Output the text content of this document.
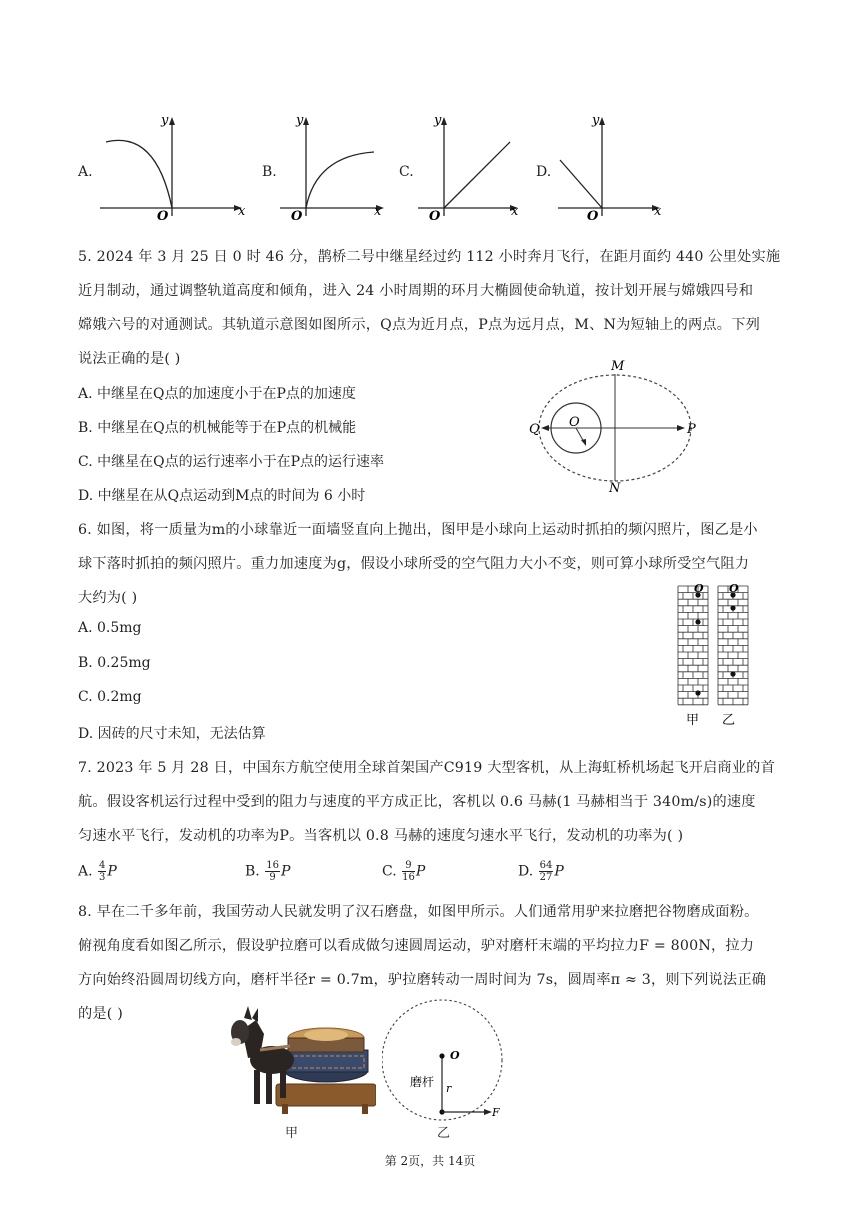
A.	B.	C.	D.
y
x
O
y
x
O
y
x
O
y
x
O
5. 2024 年 3 月 25 日 0 时 46 分，鹊桥二号中继星经过约 112 小时奔月飞行，在距月面约 440 公里处实施
近月制动，通过调整轨道高度和倾角，进入 24 小时周期的环月大椭圆使命轨道，按计划开展与嫦娥四号和
嫦娥六号的对通测试。其轨道示意图如图所示，Q点为近月点，P点为远月点，M、N为短轴上的两点。下列
说法正确的是( )
A. 中继星在Q点的加速度小于在P点的加速度
B. 中继星在Q点的机械能等于在P点的机械能
C. 中继星在Q点的运行速率小于在P点的运行速率
D. 中继星在从Q点运动到M点的时间为 6 小时
M
N
Q	P
O
6. 如图，将一质量为m的小球靠近一面墙竖直向上抛出，图甲是小球向上运动时抓拍的频闪照片，图乙是小
球下落时抓拍的频闪照片。重力加速度为g，假设小球所受的空气阻力大小不变，则可算小球所受空气阻力
大约为( )
A. 0.5mg
B. 0.25mg
C. 0.2mg
D. 因砖的尺寸未知，无法估算
O O
甲 乙
7. 2023 年 5 月 28 日，中国东方航空使用全球首架国产C919 大型客机，从上海虹桥机场起飞开启商业的首
航。假设客机运行过程中受到的阻力与速度的平方成正比，客机以 0.6 马赫(1 马赫相当于 340m/s)的速度
匀速水平飞行，发动机的功率为P。当客机以 0.8 马赫的速度匀速水平飞行，发动机的功率为( )
A. $\frac{4}{3}$ P	B. $\frac{16}{9}$ P	C. $\frac{9}{16}$ P	D. $\frac{64}{27}$ P
8. 早在二千多年前，我国劳动人民就发明了汉石磨盘，如图甲所示。人们通常用驴来拉磨把谷物磨成面粉。
俯视角度看如图乙所示，假设驴拉磨可以看成做匀速圆周运动，驴对磨杆末端的平均拉力F = 800N，拉力
方向始终沿圆周切线方向，磨杆半径r = 0.7m，驴拉磨转动一周时间为 7s，圆周率π ≈ 3，则下列说法正确
的是( )
甲
O
r
磨杆
F
乙
第 2页，共 14页
